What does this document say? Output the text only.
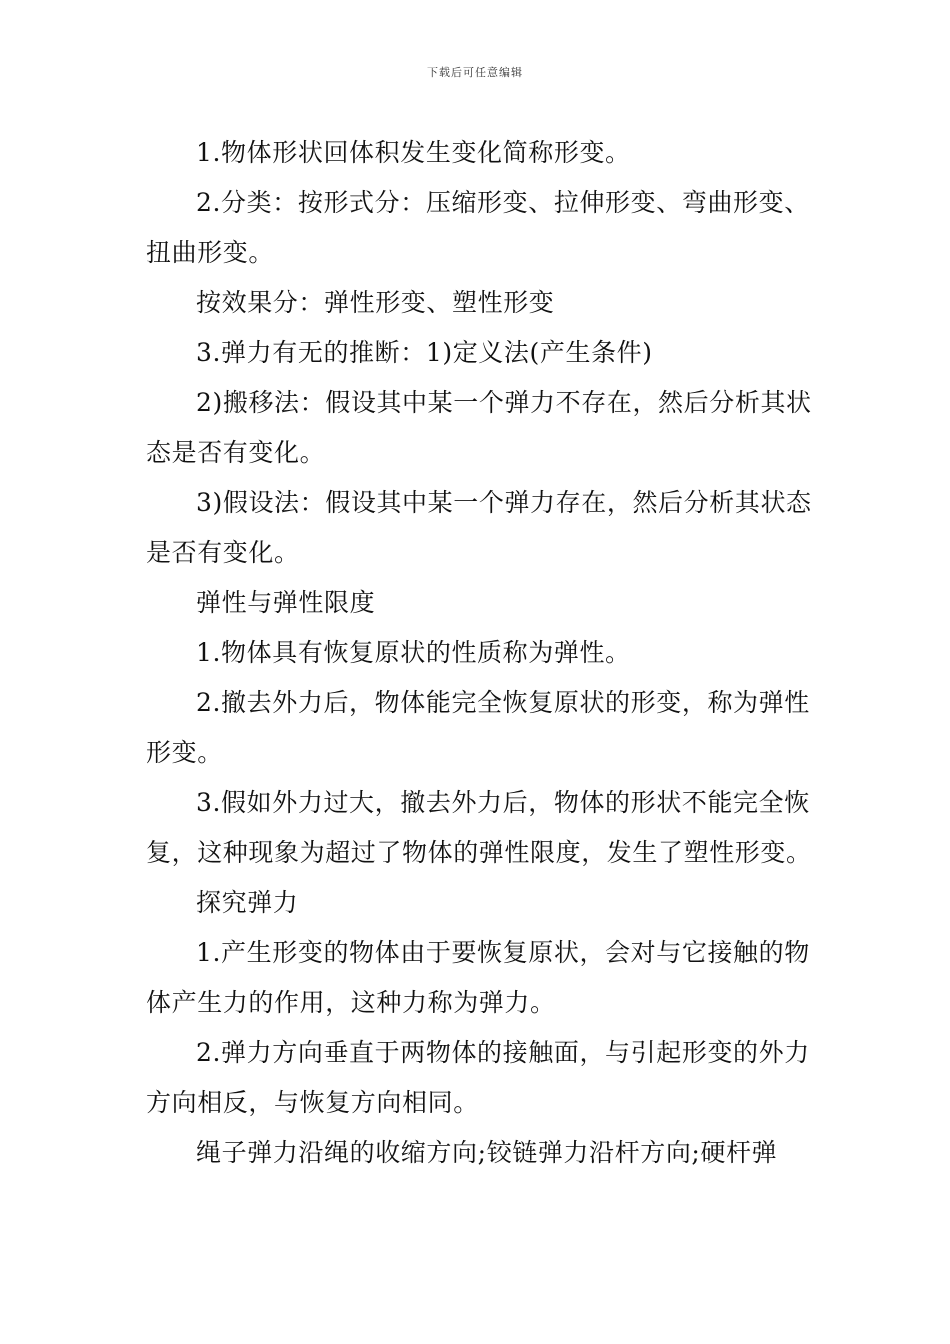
下载后可任意编辑

1.物体形状回体积发生变化简称形变。

2.分类：按形式分：压缩形变、拉伸形变、弯曲形变、扭曲形变。

按效果分：弹性形变、塑性形变

3.弹力有无的推断：1)定义法(产生条件)

2)搬移法：假设其中某一个弹力不存在，然后分析其状态是否有变化。

3)假设法：假设其中某一个弹力存在，然后分析其状态是否有变化。

弹性与弹性限度

1.物体具有恢复原状的性质称为弹性。

2.撤去外力后，物体能完全恢复原状的形变，称为弹性形变。

3.假如外力过大，撤去外力后，物体的形状不能完全恢复，这种现象为超过了物体的弹性限度，发生了塑性形变。

探究弹力

1.产生形变的物体由于要恢复原状，会对与它接触的物体产生力的作用，这种力称为弹力。

2.弹力方向垂直于两物体的接触面，与引起形变的外力方向相反，与恢复方向相同。

绳子弹力沿绳的收缩方向;铰链弹力沿杆方向;硬杆弹
